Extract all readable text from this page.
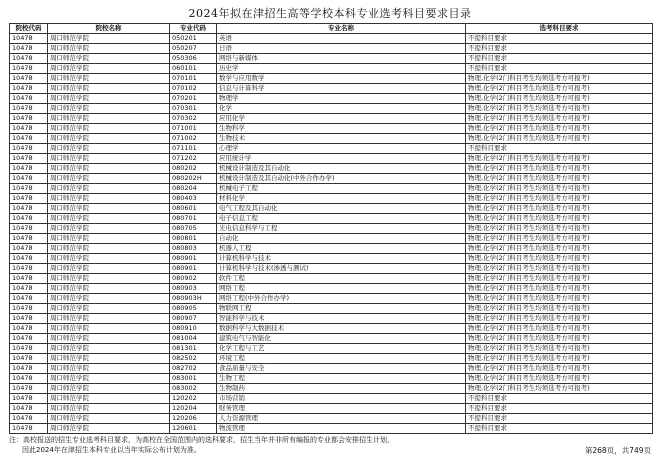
2024年拟在津招生高等学校本科专业选考科目要求目录
院校代码	院校名称	专业代码	专业名称	选考科目要求
10478	周口师范学院	050201	英语	不提科目要求
10478	周口师范学院	050207	日语	不提科目要求
10478	周口师范学院	050306	网络与新媒体	不提科目要求
10478	周口师范学院	060101	历史学	不提科目要求
10478	周口师范学院	070101	数学与应用数学	物理,化学(2门科目考生均须选考方可报考)
10478	周口师范学院	070102	信息与计算科学	物理,化学(2门科目考生均须选考方可报考)
10478	周口师范学院	070201	物理学	物理,化学(2门科目考生均须选考方可报考)
10478	周口师范学院	070301	化学	物理,化学(2门科目考生均须选考方可报考)
10478	周口师范学院	070302	应用化学	物理,化学(2门科目考生均须选考方可报考)
10478	周口师范学院	071001	生物科学	物理,化学(2门科目考生均须选考方可报考)
10478	周口师范学院	071002	生物技术	物理,化学(2门科目考生均须选考方可报考)
10478	周口师范学院	071101	心理学	不提科目要求
10478	周口师范学院	071202	应用统计学	物理,化学(2门科目考生均须选考方可报考)
10478	周口师范学院	080202	机械设计制造及其自动化	物理,化学(2门科目考生均须选考方可报考)
10478	周口师范学院	080202H	机械设计制造及其自动化(中外合作办学)	物理,化学(2门科目考生均须选考方可报考)
10478	周口师范学院	080204	机械电子工程	物理,化学(2门科目考生均须选考方可报考)
10478	周口师范学院	080403	材料化学	物理,化学(2门科目考生均须选考方可报考)
10478	周口师范学院	080601	电气工程及其自动化	物理,化学(2门科目考生均须选考方可报考)
10478	周口师范学院	080701	电子信息工程	物理,化学(2门科目考生均须选考方可报考)
10478	周口师范学院	080705	光电信息科学与工程	物理,化学(2门科目考生均须选考方可报考)
10478	周口师范学院	080801	自动化	物理,化学(2门科目考生均须选考方可报考)
10478	周口师范学院	080803	机器人工程	物理,化学(2门科目考生均须选考方可报考)
10478	周口师范学院	080901	计算机科学与技术	物理,化学(2门科目考生均须选考方可报考)
10478	周口师范学院	080901	计算机科学与技术(渗透与测试)	物理,化学(2门科目考生均须选考方可报考)
10478	周口师范学院	080902	软件工程	物理,化学(2门科目考生均须选考方可报考)
10478	周口师范学院	080903	网络工程	物理,化学(2门科目考生均须选考方可报考)
10478	周口师范学院	080903H	网络工程(中外合作办学)	物理,化学(2门科目考生均须选考方可报考)
10478	周口师范学院	080905	物联网工程	物理,化学(2门科目考生均须选考方可报考)
10478	周口师范学院	080907	智能科学与技术	物理,化学(2门科目考生均须选考方可报考)
10478	周口师范学院	080910	数据科学与大数据技术	物理,化学(2门科目考生均须选考方可报考)
10478	周口师范学院	081004	建筑电气与智能化	物理,化学(2门科目考生均须选考方可报考)
10478	周口师范学院	081301	化学工程与工艺	物理,化学(2门科目考生均须选考方可报考)
10478	周口师范学院	082502	环境工程	物理,化学(2门科目考生均须选考方可报考)
10478	周口师范学院	082702	食品质量与安全	物理,化学(2门科目考生均须选考方可报考)
10478	周口师范学院	083001	生物工程	物理,化学(2门科目考生均须选考方可报考)
10478	周口师范学院	083002	生物制药	物理,化学(2门科目考生均须选考方可报考)
10478	周口师范学院	120202	市场营销	不提科目要求
10478	周口师范学院	120204	财务管理	不提科目要求
10478	周口师范学院	120206	人力资源管理	不提科目要求
10478	周口师范学院	120601	物流管理	不提科目要求
注：高校报送的招生专业选考科目要求，为高校在全国范围内的选科要求，招生当年并非所有编报的专业都会安排招生计划，
因此2024年在津招生本科专业以当年实际公布计划为准。	第268页，共749页
